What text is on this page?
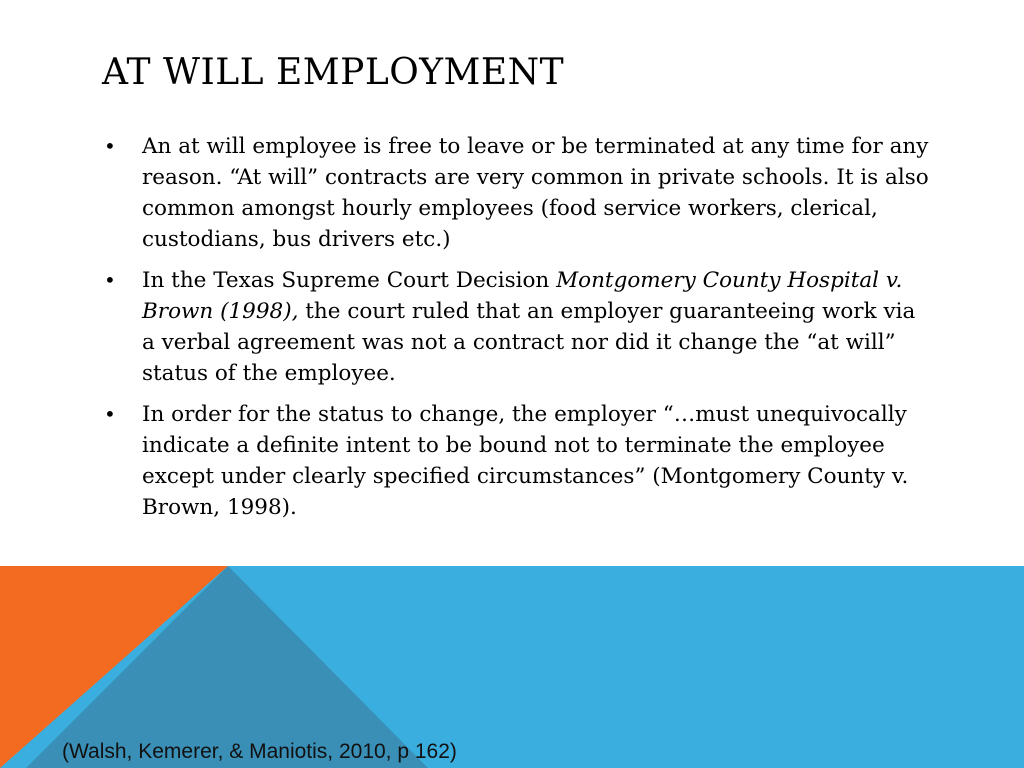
AT WILL EMPLOYMENT
• An at will employee is free to leave or be terminated at any time for any reason. “At will” contracts are very common in private schools. It is also common amongst hourly employees (food service workers, clerical, custodians, bus drivers etc.)
• In the Texas Supreme Court Decision Montgomery County Hospital v. Brown (1998), the court ruled that an employer guaranteeing work via a verbal agreement was not a contract nor did it change the “at will” status of the employee.
• In order for the status to change, the employer “…must unequivocally indicate a definite intent to be bound not to terminate the employee except under clearly specified circumstances” (Montgomery County v. Brown, 1998).

(Walsh, Kemerer, & Maniotis, 2010, p 162)
